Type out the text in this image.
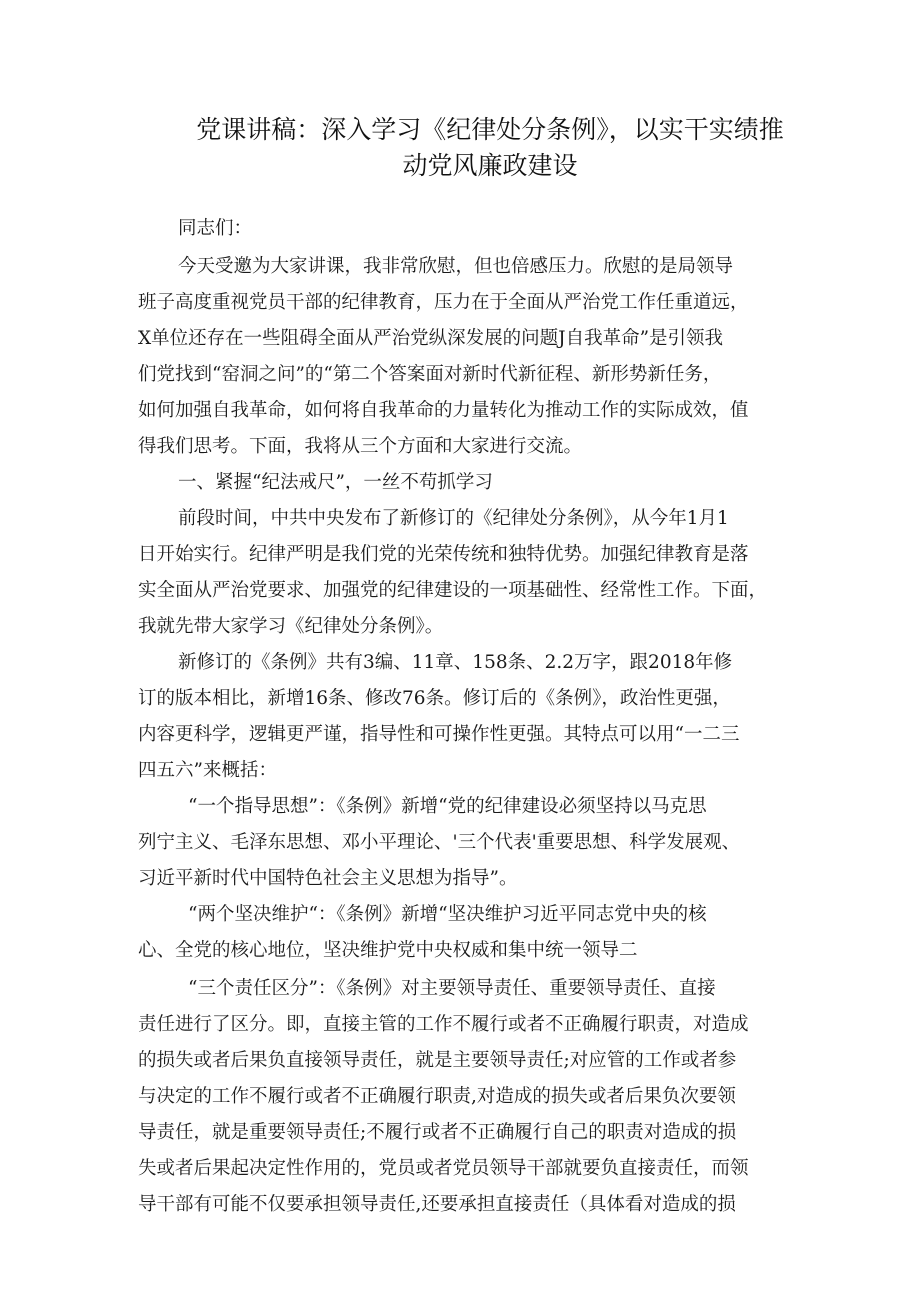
党课讲稿：深入学习《纪律处分条例》，以实干实绩推
动党风廉政建设

同志们：

今天受邀为大家讲课，我非常欣慰，但也倍感压力。欣慰的是局领导

班子高度重视党员干部的纪律教育，压力在于全面从严治党工作任重道远，

X单位还存在一些阻碍全面从严治党纵深发展的问题J自我革命”是引领我

们党找到“窑洞之问”的“第二个答案面对新时代新征程、新形势新任务，

如何加强自我革命，如何将自我革命的力量转化为推动工作的实际成效，值

得我们思考。下面，我将从三个方面和大家进行交流。

一、紧握“纪法戒尺”，一丝不苟抓学习

前段时间，中共中央发布了新修订的《纪律处分条例》，从今年1月1

日开始实行。纪律严明是我们党的光荣传统和独特优势。加强纪律教育是落

实全面从严治党要求、加强党的纪律建设的一项基础性、经常性工作。下面，

我就先带大家学习《纪律处分条例》。

新修订的《条例》共有3编、11章、158条、2.2万字，跟2018年修

订的版本相比，新增16条、修改76条。修订后的《条例》，政治性更强，

内容更科学，逻辑更严谨，指导性和可操作性更强。其特点可以用“一二三

四五六”来概括：

“一个指导思想”：《条例》新增“党的纪律建设必须坚持以马克思

列宁主义、毛泽东思想、邓小平理论、'三个代表'重要思想、科学发展观、

习近平新时代中国特色社会主义思想为指导”。

“两个坚决维护“：《条例》新增“坚决维护习近平同志党中央的核

心、全党的核心地位，坚决维护党中央权威和集中统一领导二

“三个责任区分”：《条例》对主要领导责任、重要领导责任、直接

责任进行了区分。即，直接主管的工作不履行或者不正确履行职责，对造成

的损失或者后果负直接领导责任，就是主要领导责任;对应管的工作或者参

与决定的工作不履行或者不正确履行职责,对造成的损失或者后果负次要领

导责任，就是重要领导责任;不履行或者不正确履行自己的职责对造成的损

失或者后果起决定性作用的，党员或者党员领导干部就要负直接责任，而领

导干部有可能不仅要承担领导责任,还要承担直接责任（具体看对造成的损
